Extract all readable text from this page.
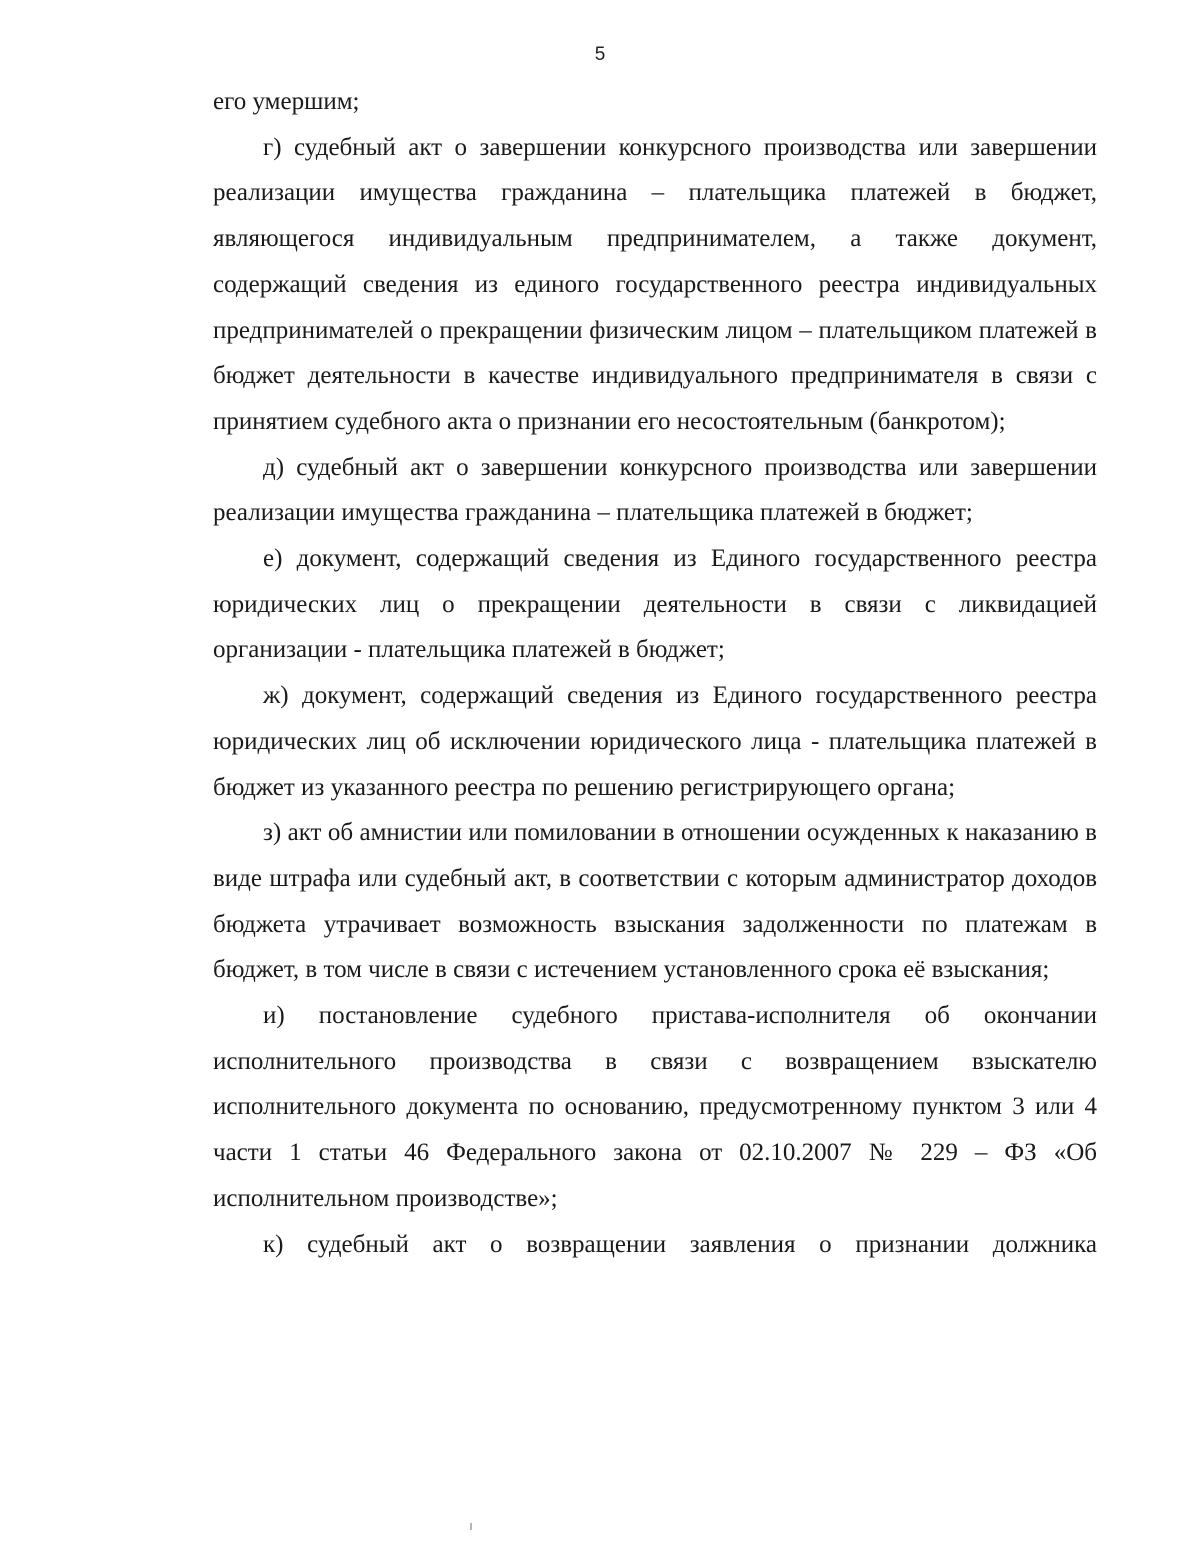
5

его умершим;

г) судебный акт о завершении конкурсного производства или завершении реализации имущества гражданина – плательщика платежей в бюджет, являющегося индивидуальным предпринимателем, а также документ, содержащий сведения из единого государственного реестра индивидуальных предпринимателей о прекращении физическим лицом – плательщиком платежей в бюджет деятельности в качестве индивидуального предпринимателя в связи с принятием судебного акта о признании его несостоятельным (банкротом);

д) судебный акт о завершении конкурсного производства или завершении реализации имущества гражданина – плательщика платежей в бюджет;

е) документ, содержащий сведения из Единого государственного реестра юридических лиц о прекращении деятельности в связи с ликвидацией организации - плательщика платежей в бюджет;

ж) документ, содержащий сведения из Единого государственного реестра юридических лиц об исключении юридического лица - плательщика платежей в бюджет из указанного реестра по решению регистрирующего органа;

з) акт об амнистии или помиловании в отношении осужденных к наказанию в виде штрафа или судебный акт, в соответствии с которым администратор доходов бюджета утрачивает возможность взыскания задолженности по платежам в бюджет, в том числе в связи с истечением установленного срока её взыскания;

и) постановление судебного пристава-исполнителя об окончании исполнительного производства в связи с возвращением взыскателю исполнительного документа по основанию, предусмотренному пунктом 3 или 4 части 1 статьи 46 Федерального закона от 02.10.2007 № 229 – ФЗ «Об исполнительном производстве»;

к) судебный акт о возвращении заявления о признании должника
